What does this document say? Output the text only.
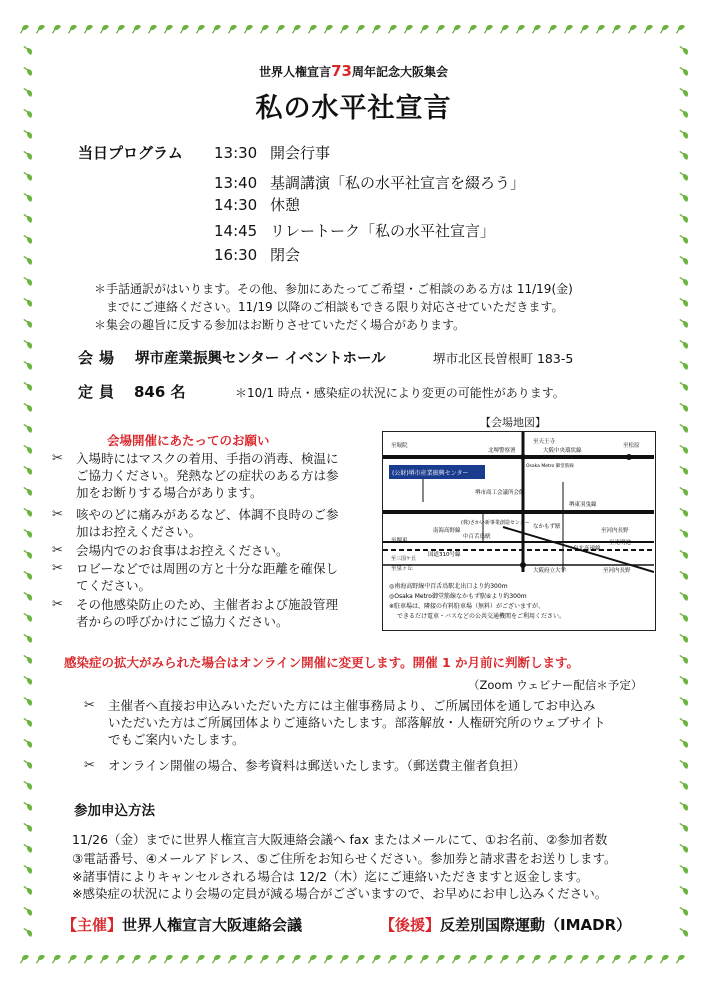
世界人権宣言73周年記念大阪集会
私の水平社宣言
当日プログラム 13:30 開会行事
13:40 基調講演「私の水平社宣言を綴ろう」
14:30 休憩
14:45 リレートーク「私の水平社宣言」
16:30 閉会
＊手話通訳がはいります。その他、参加にあたってご希望・ご相談のある方は 11/19(金)
までにご連絡ください。11/19 以降のご相談もできる限り対応させていただきます。
＊集会の趣旨に反する参加はお断りさせていただく場合があります。
会場 堺市産業振興センター イベントホール	堺市北区長曽根町 183-5
定員 846 名	＊10/1 時点・感染症の状況により変更の可能性があります。
会場開催にあたってのお願い
✂ 入場時にはマスクの着用、手指の消毒、検温に
ご協力ください。発熱などの症状のある方は参
加をお断りする場合があります。
✂ 咳やのどに痛みがあるなど、体調不良時のご参
加はお控えください。
✂ 会場内でのお食事はお控えください。
✂ ロビーなどでは周囲の方と十分な距離を確保し
てください。
✂ その他感染防止のため、主催者および施設管理
者からの呼びかけにご協力ください。
【会場地図】
(公財)堺市産業振興センター
至堀院
北堺警察署
至天王寺
大阪中央環状線
至松原
堺市商工会議所会館
堺東羽曳線
南海高野線
なかもず駅
中百舌鳥駅
至河内長野
国道310号線
至堺東
至泉ヶ丘
泉北高速線
至光明池
大阪府立大学	至河内長野
(株)さかい新事業創造センター
至三国ケ丘
Osaka Metro 御堂筋線
◎南海高野線中百舌鳥駅北出口より約300m
◎Osaka Metro御堂筋線なかもず駅⑥より約300m
※駐車場は、隣接の有料駐車場（無料）がございますが、
できるだけ電車・バスなどの公共交通機関をご利用ください。
感染症の拡大がみられた場合はオンライン開催に変更します。開催 1 か月前に判断します。
（Zoom ウェビナー配信＊予定）
✂ 主催者へ直接お申込みいただいた方には主催事務局より、ご所属団体を通してお申込み
いただいた方はご所属団体よりご連絡いたします。部落解放・人権研究所のウェブサイト
でもご案内いたします。
✂ オンライン開催の場合、参考資料は郵送いたします。（郵送費主催者負担）
参加申込方法
11/26（金）までに世界人権宣言大阪連絡会議へ fax またはメールにて、①お名前、②参加者数
③電話番号、④メールアドレス、⑤ご住所をお知らせください。参加券と請求書をお送りします。
※諸事情によりキャンセルされる場合は 12/2（木）迄にご連絡いただきますと返金します。
※感染症の状況により会場の定員が減る場合がございますので、お早めにお申し込みください。
【主催】世界人権宣言大阪連絡会議	【後援】反差別国際運動（IMADR）
